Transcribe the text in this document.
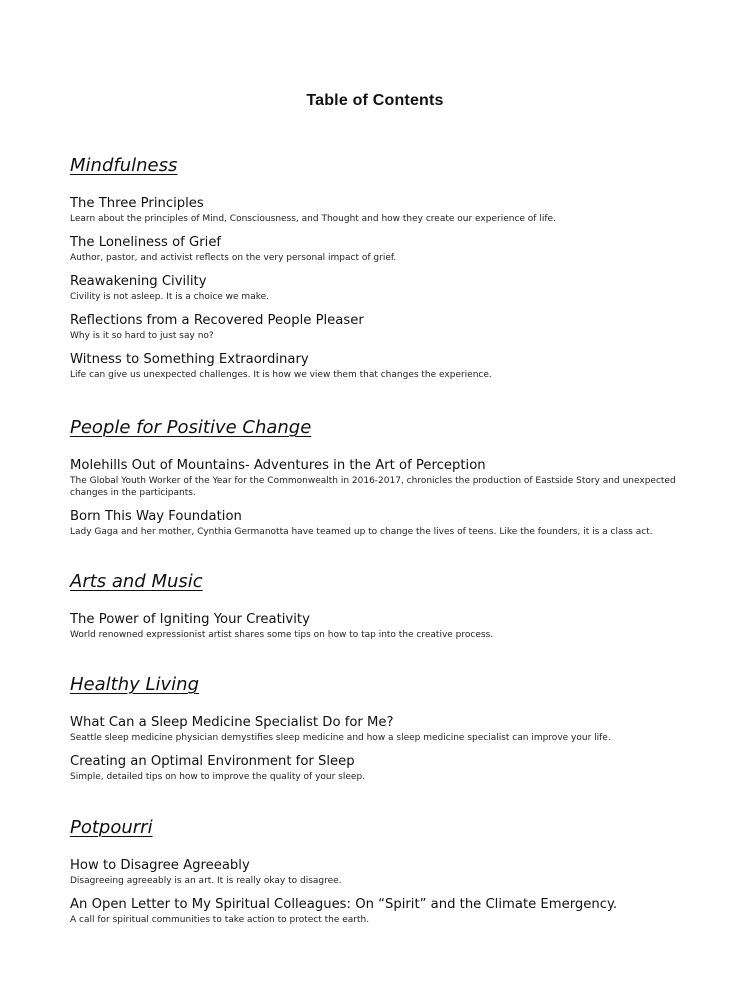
Table of Contents
Mindfulness
The Three Principles
Learn about the principles of Mind, Consciousness, and Thought and how they create our experience of life.
The Loneliness of Grief
Author, pastor, and activist reflects on the very personal impact of grief.
Reawakening Civility
Civility is not asleep. It is a choice we make.
Reflections from a Recovered People Pleaser
Why is it so hard to just say no?
Witness to Something Extraordinary
Life can give us unexpected challenges. It is how we view them that changes the experience.
People for Positive Change
Molehills Out of Mountains- Adventures in the Art of Perception
The Global Youth Worker of the Year for the Commonwealth in 2016-2017, chronicles the production of Eastside Story and unexpected changes in the participants.
Born This Way Foundation
Lady Gaga and her mother, Cynthia Germanotta have teamed up to change the lives of teens. Like the founders, it is a class act.
Arts and Music
The Power of Igniting Your Creativity
World renowned expressionist artist shares some tips on how to tap into the creative process.
Healthy Living
What Can a Sleep Medicine Specialist Do for Me?
Seattle sleep medicine physician demystifies sleep medicine and how a sleep medicine specialist can improve your life.
Creating an Optimal Environment for Sleep
Simple, detailed tips on how to improve the quality of your sleep.
Potpourri
How to Disagree Agreeably
Disagreeing agreeably is an art. It is really okay to disagree.
An Open Letter to My Spiritual Colleagues: On “Spirit” and the Climate Emergency.
A call for spiritual communities to take action to protect the earth.
